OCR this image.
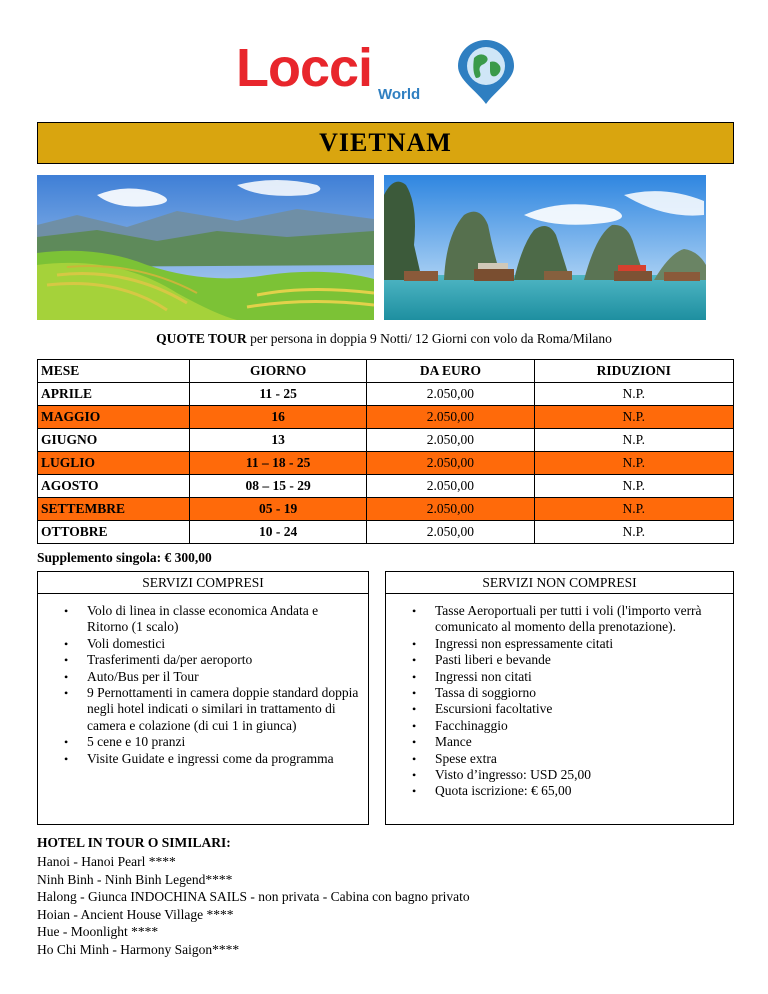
Locci World
VIETNAM
QUOTE TOUR per persona in doppia 9 Notti/ 12 Giorni con volo da Roma/Milano
MESE	GIORNO	DA EURO	RIDUZIONI
APRILE	11 - 25	2.050,00	N.P.
MAGGIO	16	2.050,00	N.P.
GIUGNO	13	2.050,00	N.P.
LUGLIO	11 – 18 - 25	2.050,00	N.P.
AGOSTO	08 – 15 - 29	2.050,00	N.P.
SETTEMBRE	05 - 19	2.050,00	N.P.
OTTOBRE	10 - 24	2.050,00	N.P.
Supplemento singola: € 300,00
SERVIZI COMPRESI
• Volo di linea in classe economica Andata e Ritorno (1 scalo)
• Voli domestici
• Trasferimenti da/per aeroporto
• Auto/Bus per il Tour
• 9 Pernottamenti in camera doppie standard doppia negli hotel indicati o similari in trattamento di camera e colazione (di cui 1 in giunca)
• 5 cene e 10 pranzi
• Visite Guidate e ingressi come da programma
SERVIZI NON COMPRESI
• Tasse Aeroportuali per tutti i voli (l'importo verrà comunicato al momento della prenotazione).
• Ingressi non espressamente citati
• Pasti liberi e bevande
• Ingressi non citati
• Tassa di soggiorno
• Escursioni facoltative
• Facchinaggio
• Mance
• Spese extra
• Visto d’ingresso: USD 25,00
• Quota iscrizione: € 65,00
HOTEL IN TOUR O SIMILARI:
Hanoi - Hanoi Pearl ****
Ninh Binh - Ninh Binh Legend****
Halong - Giunca INDOCHINA SAILS - non privata - Cabina con bagno privato
Hoian - Ancient House Village ****
Hue - Moonlight ****
Ho Chi Minh - Harmony Saigon****
